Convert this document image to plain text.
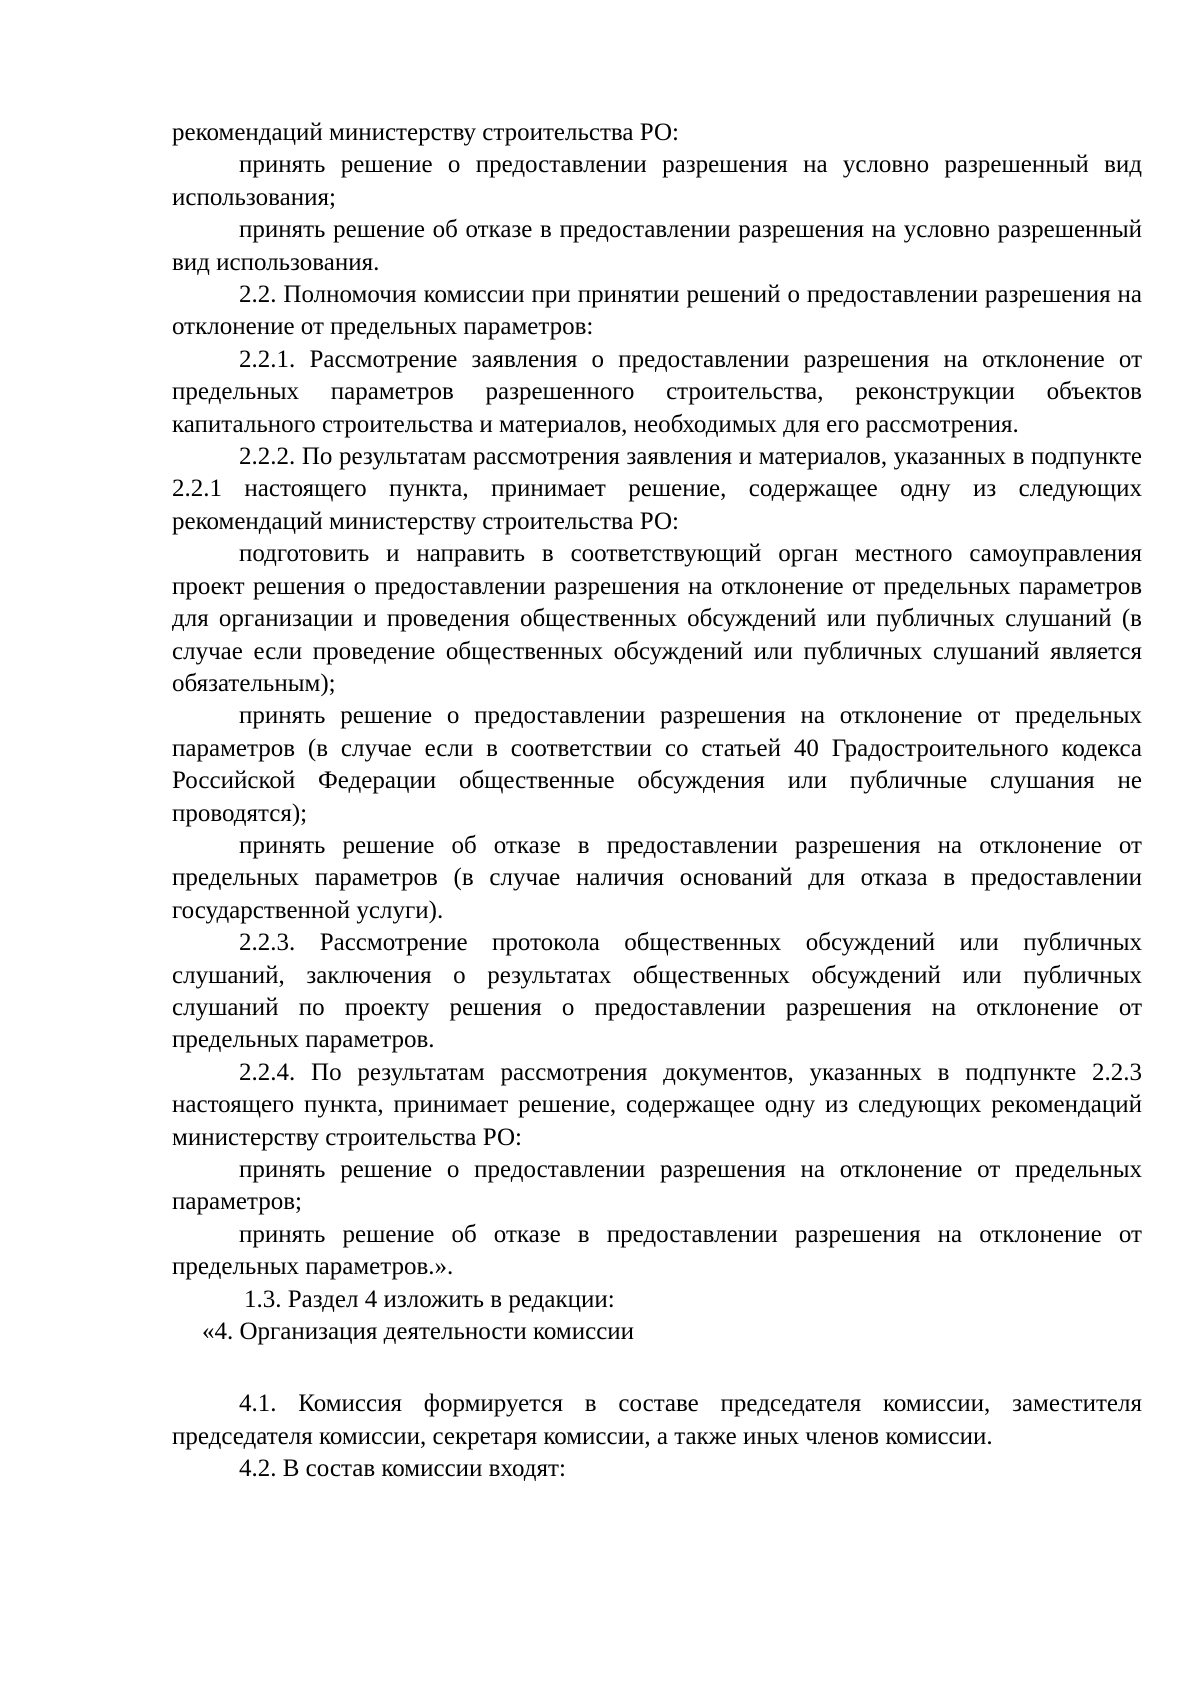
рекомендаций министерству строительства РО:

принять решение о предоставлении разрешения на условно разрешенный вид использования;

принять решение об отказе в предоставлении разрешения на условно разрешенный вид использования.

2.2. Полномочия комиссии при принятии решений о предоставлении разрешения на отклонение от предельных параметров:

2.2.1. Рассмотрение заявления о предоставлении разрешения на отклонение от предельных параметров разрешенного строительства, реконструкции объектов капитального строительства и материалов, необходимых для его рассмотрения.

2.2.2. По результатам рассмотрения заявления и материалов, указанных в подпункте 2.2.1 настоящего пункта, принимает решение, содержащее одну из следующих рекомендаций министерству строительства РО:

подготовить и направить в соответствующий орган местного самоуправления проект решения о предоставлении разрешения на отклонение от предельных параметров для организации и проведения общественных обсуждений или публичных слушаний (в случае если проведение общественных обсуждений или публичных слушаний является обязательным);

принять решение о предоставлении разрешения на отклонение от предельных параметров (в случае если в соответствии со статьей 40 Градостроительного кодекса Российской Федерации общественные обсуждения или публичные слушания не проводятся);

принять решение об отказе в предоставлении разрешения на отклонение от предельных параметров (в случае наличия оснований для отказа в предоставлении государственной услуги).

2.2.3. Рассмотрение протокола общественных обсуждений или публичных слушаний, заключения о результатах общественных обсуждений или публичных слушаний по проекту решения о предоставлении разрешения на отклонение от предельных параметров.

2.2.4. По результатам рассмотрения документов, указанных в подпункте 2.2.3 настоящего пункта, принимает решение, содержащее одну из следующих рекомендаций министерству строительства РО:

принять решение о предоставлении разрешения на отклонение от предельных параметров;

принять решение об отказе в предоставлении разрешения на отклонение от предельных параметров.».

1.3. Раздел 4 изложить в редакции:

«4. Организация деятельности комиссии

4.1. Комиссия формируется в составе председателя комиссии, заместителя председателя комиссии, секретаря комиссии, а также иных членов комиссии.

4.2. В состав комиссии входят:
